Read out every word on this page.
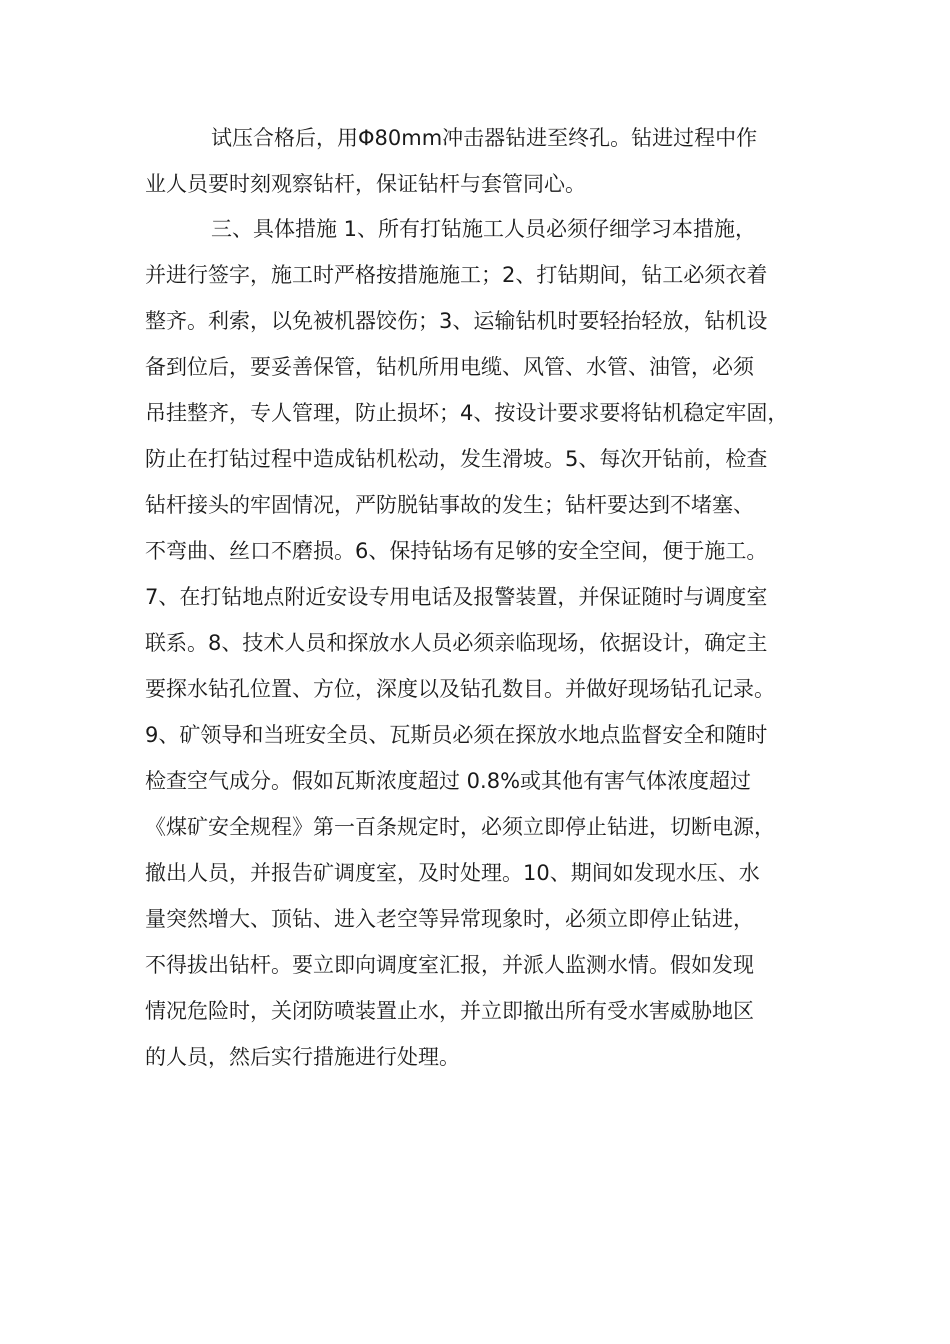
试压合格后，用Φ80mm冲击器钻进至终孔。钻进过程中作

业人员要时刻观察钻杆，保证钻杆与套管同心。

三、具体措施 1、所有打钻施工人员必须仔细学习本措施，

并进行签字，施工时严格按措施施工；2、打钻期间，钻工必须衣着

整齐。利索，以免被机器饺伤；3、运输钻机时要轻抬轻放，钻机设

备到位后，要妥善保管，钻机所用电缆、风管、水管、油管，必须

吊挂整齐，专人管理，防止损坏；4、按设计要求要将钻机稳定牢固，

防止在打钻过程中造成钻机松动，发生滑坡。5、每次开钻前，检查

钻杆接头的牢固情况，严防脱钻事故的发生；钻杆要达到不堵塞、

不弯曲、丝口不磨损。6、保持钻场有足够的安全空间，便于施工。

7、在打钻地点附近安设专用电话及报警装置，并保证随时与调度室

联系。8、技术人员和探放水人员必须亲临现场，依据设计，确定主

要探水钻孔位置、方位，深度以及钻孔数目。并做好现场钻孔记录。

9、矿领导和当班安全员、瓦斯员必须在探放水地点监督安全和随时

检查空气成分。假如瓦斯浓度超过 0.8%或其他有害气体浓度超过

《煤矿安全规程》第一百条规定时，必须立即停止钻进，切断电源，

撤出人员，并报告矿调度室，及时处理。10、期间如发现水压、水

量突然增大、顶钻、进入老空等异常现象时，必须立即停止钻进，

不得拔出钻杆。要立即向调度室汇报，并派人监测水情。假如发现

情况危险时，关闭防喷装置止水，并立即撤出所有受水害威胁地区

的人员，然后实行措施进行处理。
